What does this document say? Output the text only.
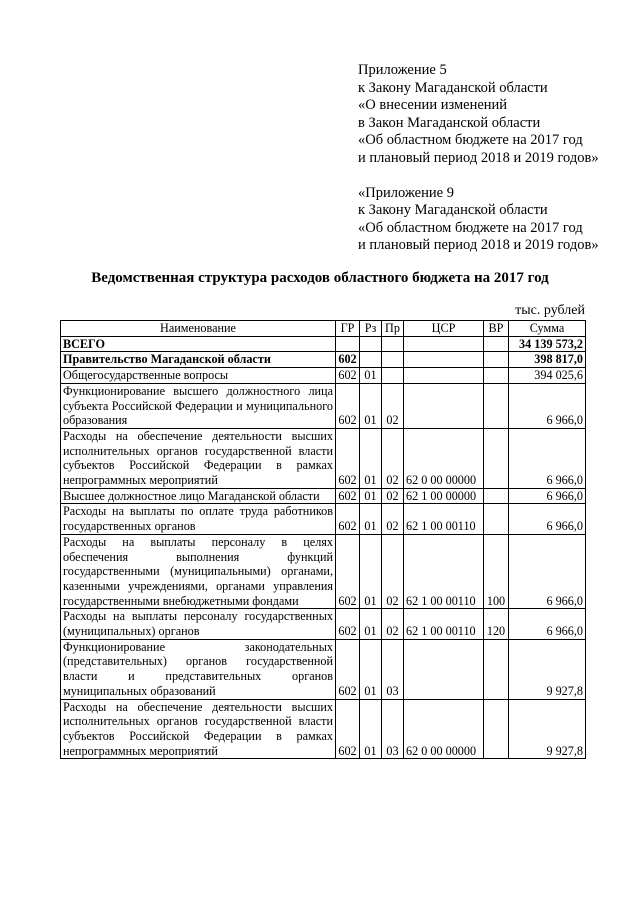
Приложение 5
к Закону Магаданской области
«О внесении изменений
в Закон Магаданской области
«Об областном бюджете на 2017 год
и плановый период 2018 и 2019 годов»
«Приложение 9
к Закону Магаданской области
«Об областном бюджете на 2017 год
и плановый период 2018 и 2019 годов»
Ведомственная структура расходов областного бюджета на 2017 год
тыс. рублей
Наименование	ГР	Рз	Пр	ЦСР	ВР	Сумма
ВСЕГО						34 139 573,2
Правительство Магаданской области	602					398 817,0
Общегосударственные вопросы	602	01				394 025,6
Функционирование высшего должностного лица субъекта Российской Федерации и муниципального образования	602	01	02			6 966,0
Расходы на обеспечение деятельности высших исполнительных органов государственной власти субъектов Российской Федерации в рамках непрограммных мероприятий	602	01	02	62 0 00 00000		6 966,0
Высшее должностное лицо Магаданской области	602	01	02	62 1 00 00000		6 966,0
Расходы на выплаты по оплате труда работников государственных органов	602	01	02	62 1 00 00110		6 966,0
Расходы на выплаты персоналу в целях обеспечения выполнения функций государственными (муниципальными) органами, казенными учреждениями, органами управления государственными внебюджетными фондами	602	01	02	62 1 00 00110	100	6 966,0
Расходы на выплаты персоналу государственных (муниципальных) органов	602	01	02	62 1 00 00110	120	6 966,0
Функционирование законодательных (представительных) органов государственной власти и представительных органов муниципальных образований	602	01	03			9 927,8
Расходы на обеспечение деятельности высших исполнительных органов государственной власти субъектов Российской Федерации в рамках непрограммных мероприятий	602	01	03	62 0 00 00000		9 927,8
